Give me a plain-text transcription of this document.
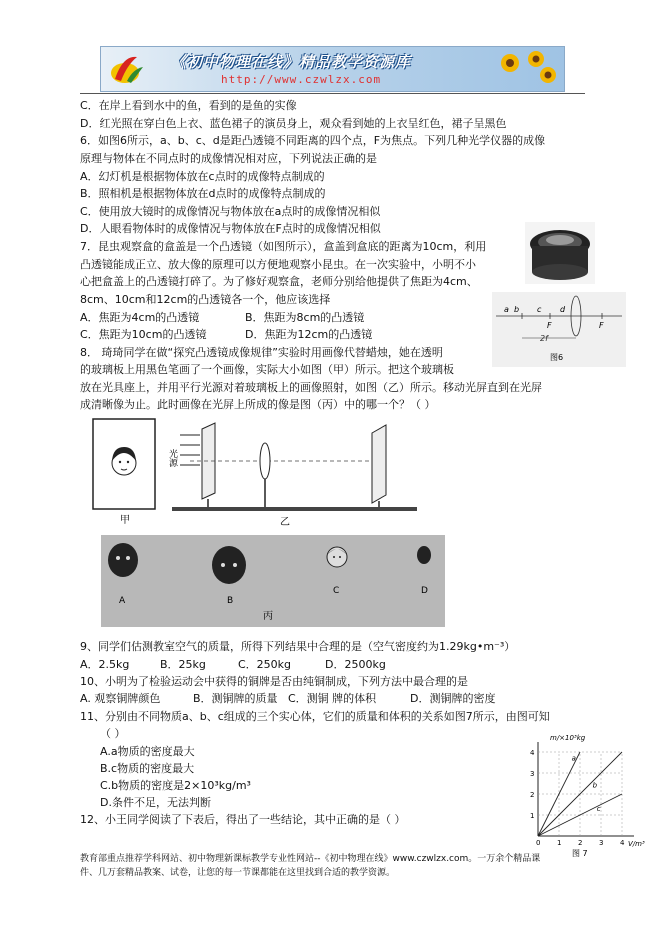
《初中物理在线》精品教学资源库
http://www.czwlzx.com
C．在岸上看到水中的鱼，看到的是鱼的实像
D．红光照在穿白色上衣、蓝色裙子的演员身上，观众看到她的上衣呈红色，裙子呈黑色
6．如图6所示，a、b、c、d是距凸透镜不同距离的四个点，F为焦点。下列几种光学仪器的成像
原理与物体在不同点时的成像情况相对应，下列说法正确的是
A．幻灯机是根据物体放在c点时的成像特点制成的
B．照相机是根据物体放在d点时的成像特点制成的
C．使用放大镜时的成像情况与物体放在a点时的成像情况相似
D．人眼看物体时的成像情况与物体放在F点时的成像情况相似
7．昆虫观察盒的盒盖是一个凸透镜（如图所示），盒盖到盒底的距离为10cm，利用
凸透镜能成正立、放大像的原理可以方便地观察小昆虫。在一次实验中，小明不小
心把盒盖上的凸透镜打碎了。为了修好观察盒，老师分别给他提供了焦距为4cm、
8cm、10cm和12cm的凸透镜各一个，他应该选择
A．焦距为4cm的凸透镜	B．焦距为8cm的凸透镜
C．焦距为10cm的凸透镜	D．焦距为12cm的凸透镜
8． 琦琦同学在做“探究凸透镜成像规律”实验时用画像代替蜡烛，她在透明
的玻璃板上用黑色笔画了一个画像，实际大小如图（甲）所示。把这个玻璃板
放在光具座上，并用平行光源对着玻璃板上的画像照射，如图（乙）所示。移动光屏直到在光屏
成清晰像为止。此时画像在光屏上所成的像是图（丙）中的哪一个？（ ）
a b c d
F	F
2f
图6
甲
光源
乙
A	B
C	D
丙
9、同学们估测教室空气的质量，所得下列结果中合理的是（空气密度约为1.29kg•m⁻³）
A．2.5kg	B．25kg	C．250kg	D．2500kg
10、小明为了检验运动会中获得的铜牌是否由纯铜制成，下列方法中最合理的是
A. 观察铜牌颜色	B．测铜牌的质量 C．测铜 牌的体积	D．测铜牌的密度
11、分别由不同物质a、b、c组成的三个实心体，它们的质量和体积的关系如图7所示，由图可知
（ ）
A.a物质的密度最大
B.c物质的密度最大
C.b物质的密度是2×10³kg/m³
D.条件不足，无法判断
12、小王同学阅读了下表后，得出了一些结论，其中正确的是（ ）	1
2
3
4
0 1 2 3 4
a
b
c
m/×10³kg
V/m³
图 7
教育部重点推荐学科网站、初中物理新课标教学专业性网站--《初中物理在线》www.czwlzx.com。一万余个精品课
件、几万套精品教案、试卷，让您的每一节课都能在这里找到合适的教学资源。
